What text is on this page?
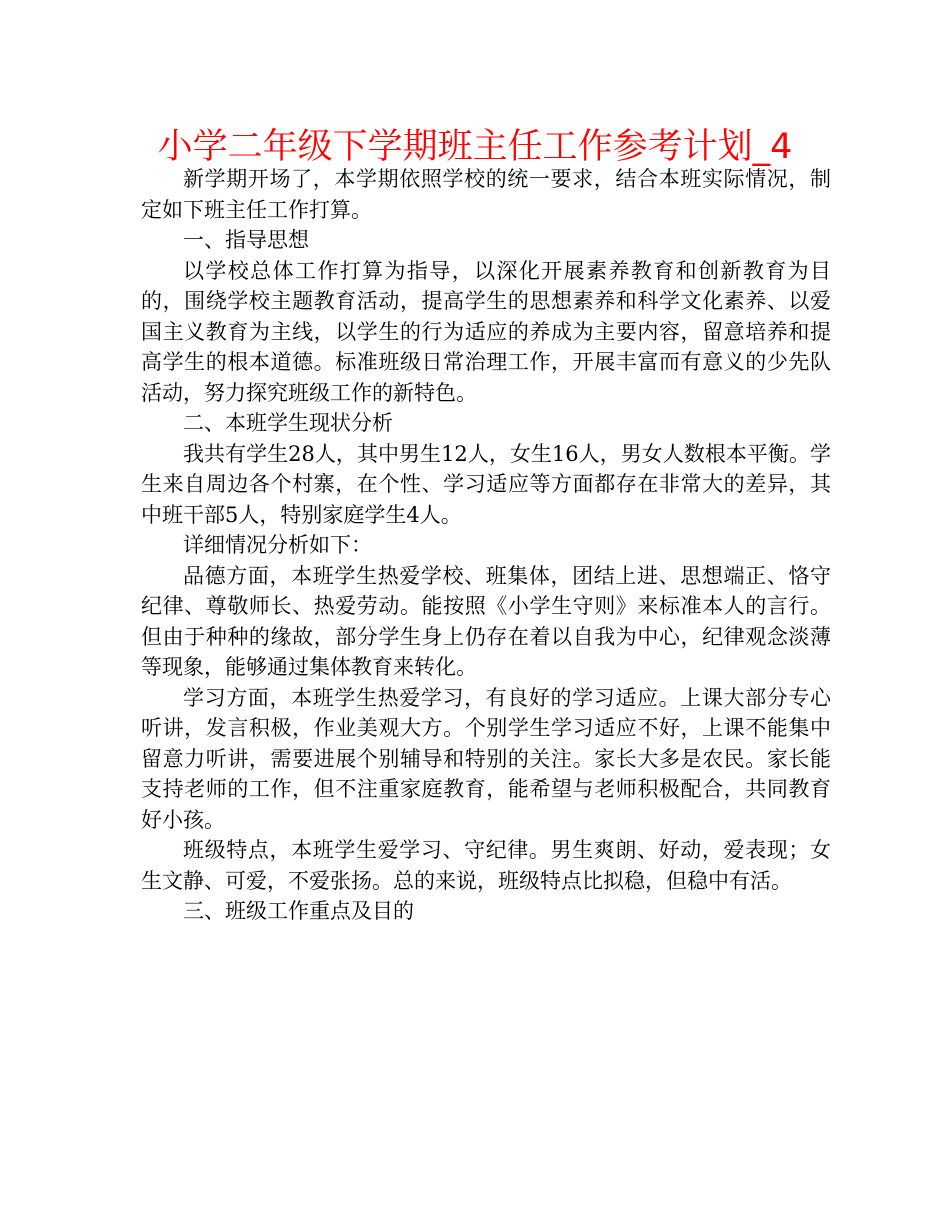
小学二年级下学期班主任工作参考计划_4

新学期开场了，本学期依照学校的统一要求，结合本班实际情况，制定如下班主任工作打算。

一、指导思想

以学校总体工作打算为指导，以深化开展素养教育和创新教育为目的，围绕学校主题教育活动，提高学生的思想素养和科学文化素养、以爱国主义教育为主线，以学生的行为适应的养成为主要内容，留意培养和提高学生的根本道德。标准班级日常治理工作，开展丰富而有意义的少先队活动，努力探究班级工作的新特色。

二、本班学生现状分析

我共有学生28人，其中男生12人，女生16人，男女人数根本平衡。学生来自周边各个村寨，在个性、学习适应等方面都存在非常大的差异，其中班干部5人，特别家庭学生4人。

详细情况分析如下：

品德方面，本班学生热爱学校、班集体，团结上进、思想端正、恪守纪律、尊敬师长、热爱劳动。能按照《小学生守则》来标准本人的言行。但由于种种的缘故，部分学生身上仍存在着以自我为中心，纪律观念淡薄等现象，能够通过集体教育来转化。

学习方面，本班学生热爱学习，有良好的学习适应。上课大部分专心听讲，发言积极，作业美观大方。个别学生学习适应不好，上课不能集中留意力听讲，需要进展个别辅导和特别的关注。家长大多是农民。家长能支持老师的工作，但不注重家庭教育，能希望与老师积极配合，共同教育好小孩。

班级特点，本班学生爱学习、守纪律。男生爽朗、好动，爱表现；女生文静、可爱，不爱张扬。总的来说，班级特点比拟稳，但稳中有活。

三、班级工作重点及目的
